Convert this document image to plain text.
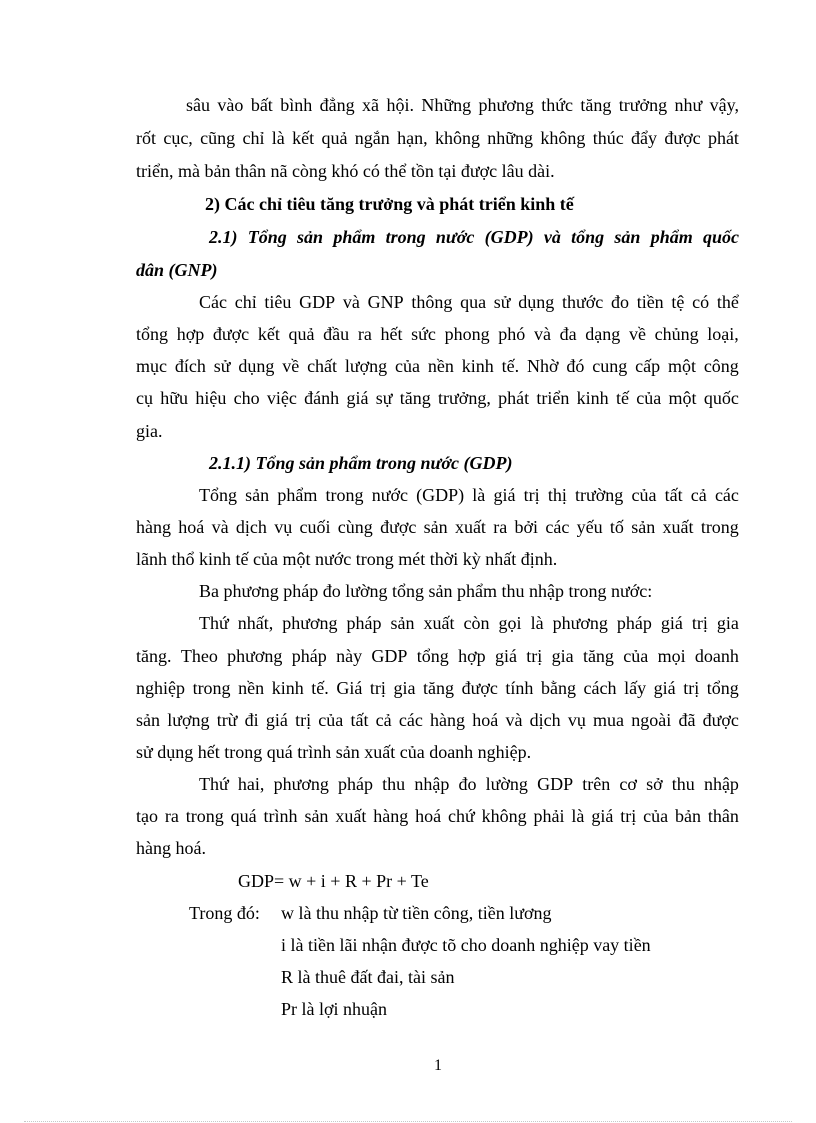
sâu vào bất bình đẳng xã hội. Những phương thức tăng trưởng như vậy,
rốt cục, cũng chỉ là kết quả ngắn hạn, không những không thúc đẩy được phát
triển, mà bản thân nã còng khó có thể tồn tại được lâu dài.
2) Các chỉ tiêu tăng trưởng và phát triển kinh tế
2.1) Tổng sản phẩm trong nước (GDP) và tổng sản phẩm quốc
dân (GNP)
Các chỉ tiêu GDP và GNP thông qua sử dụng thước đo tiền tệ có thể
tổng hợp được kết quả đầu ra hết sức phong phó và đa dạng về chủng loại,
mục đích sử dụng về chất lượng của nền kinh tế. Nhờ đó cung cấp một công
cụ hữu hiệu cho việc đánh giá sự tăng trưởng, phát triển kinh tế của một quốc
gia.
2.1.1) Tổng sản phẩm trong nước (GDP)
Tổng sản phẩm trong nước (GDP) là giá trị thị trường của tất cả các
hàng hoá và dịch vụ cuối cùng được sản xuất ra bởi các yếu tố sản xuất trong
lãnh thổ kinh tế của một nước trong mét thời kỳ nhất định.
Ba phương pháp đo lường tổng sản phẩm thu nhập trong nước:
Thứ nhất, phương pháp sản xuất còn gọi là phương pháp giá trị gia
tăng. Theo phương pháp này GDP tổng hợp giá trị gia tăng của mọi doanh
nghiệp trong nền kinh tế. Giá trị gia tăng được tính bằng cách lấy giá trị tổng
sản lượng trừ đi giá trị của tất cả các hàng hoá và dịch vụ mua ngoài đã được
sử dụng hết trong quá trình sản xuất của doanh nghiệp.
Thứ hai, phương pháp thu nhập đo lường GDP trên cơ sở thu nhập
tạo ra trong quá trình sản xuất hàng hoá chứ không phải là giá trị của bản thân
hàng hoá.
GDP= w + i + R + Pr + Te
Trong đó: w là thu nhập từ tiền công, tiền lương
i là tiền lãi nhận được tõ cho doanh nghiệp vay tiền
R là thuê đất đai, tài sản
Pr là lợi nhuận
1
